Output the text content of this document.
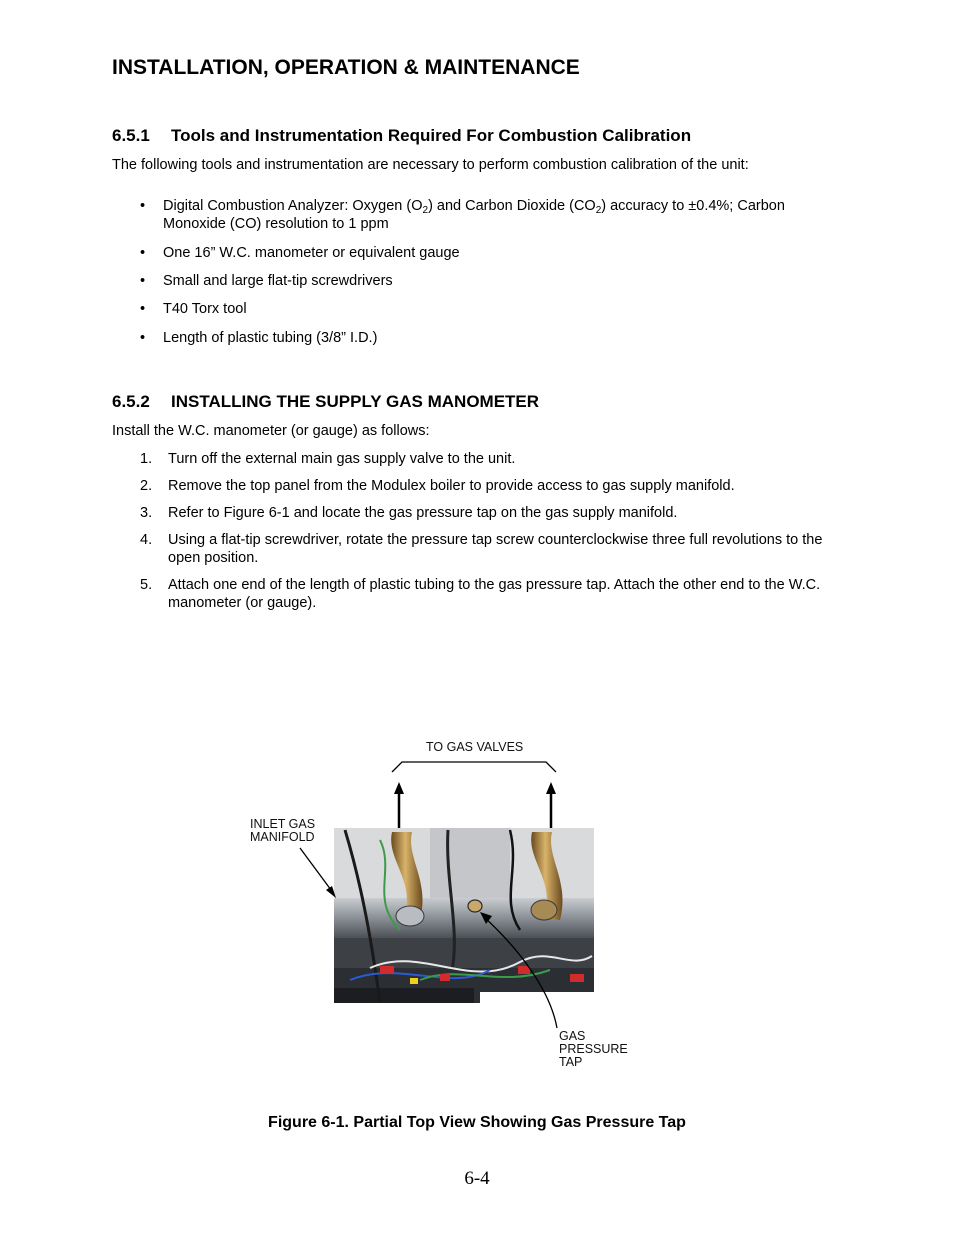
INSTALLATION, OPERATION & MAINTENANCE
6.5.1 Tools and Instrumentation Required For Combustion Calibration
The following tools and instrumentation are necessary to perform combustion calibration of the unit:
• Digital Combustion Analyzer: Oxygen $(O_2)$ and Carbon Dioxide $(CO_2)$ accuracy to ±0.4%; Carbon Monoxide (CO) resolution to 1 ppm
• One 16” W.C. manometer or equivalent gauge
• Small and large flat-tip screwdrivers
• T40 Torx tool
• Length of plastic tubing (3/8” I.D.)
6.5.2 INSTALLING THE SUPPLY GAS MANOMETER
Install the W.C. manometer (or gauge) as follows:
1. Turn off the external main gas supply valve to the unit.
2. Remove the top panel from the Modulex boiler to provide access to gas supply manifold.
3. Refer to Figure 6-1 and locate the gas pressure tap on the gas supply manifold.
4. Using a flat-tip screwdriver, rotate the pressure tap screw counterclockwise three full revolutions to the open position.
5. Attach one end of the length of plastic tubing to the gas pressure tap. Attach the other end to the W.C. manometer (or gauge).
TO GAS VALVES
INLET GAS
MANIFOLD
GAS
PRESSURE
TAP
Figure 6-1. Partial Top View Showing Gas Pressure Tap
6-4
